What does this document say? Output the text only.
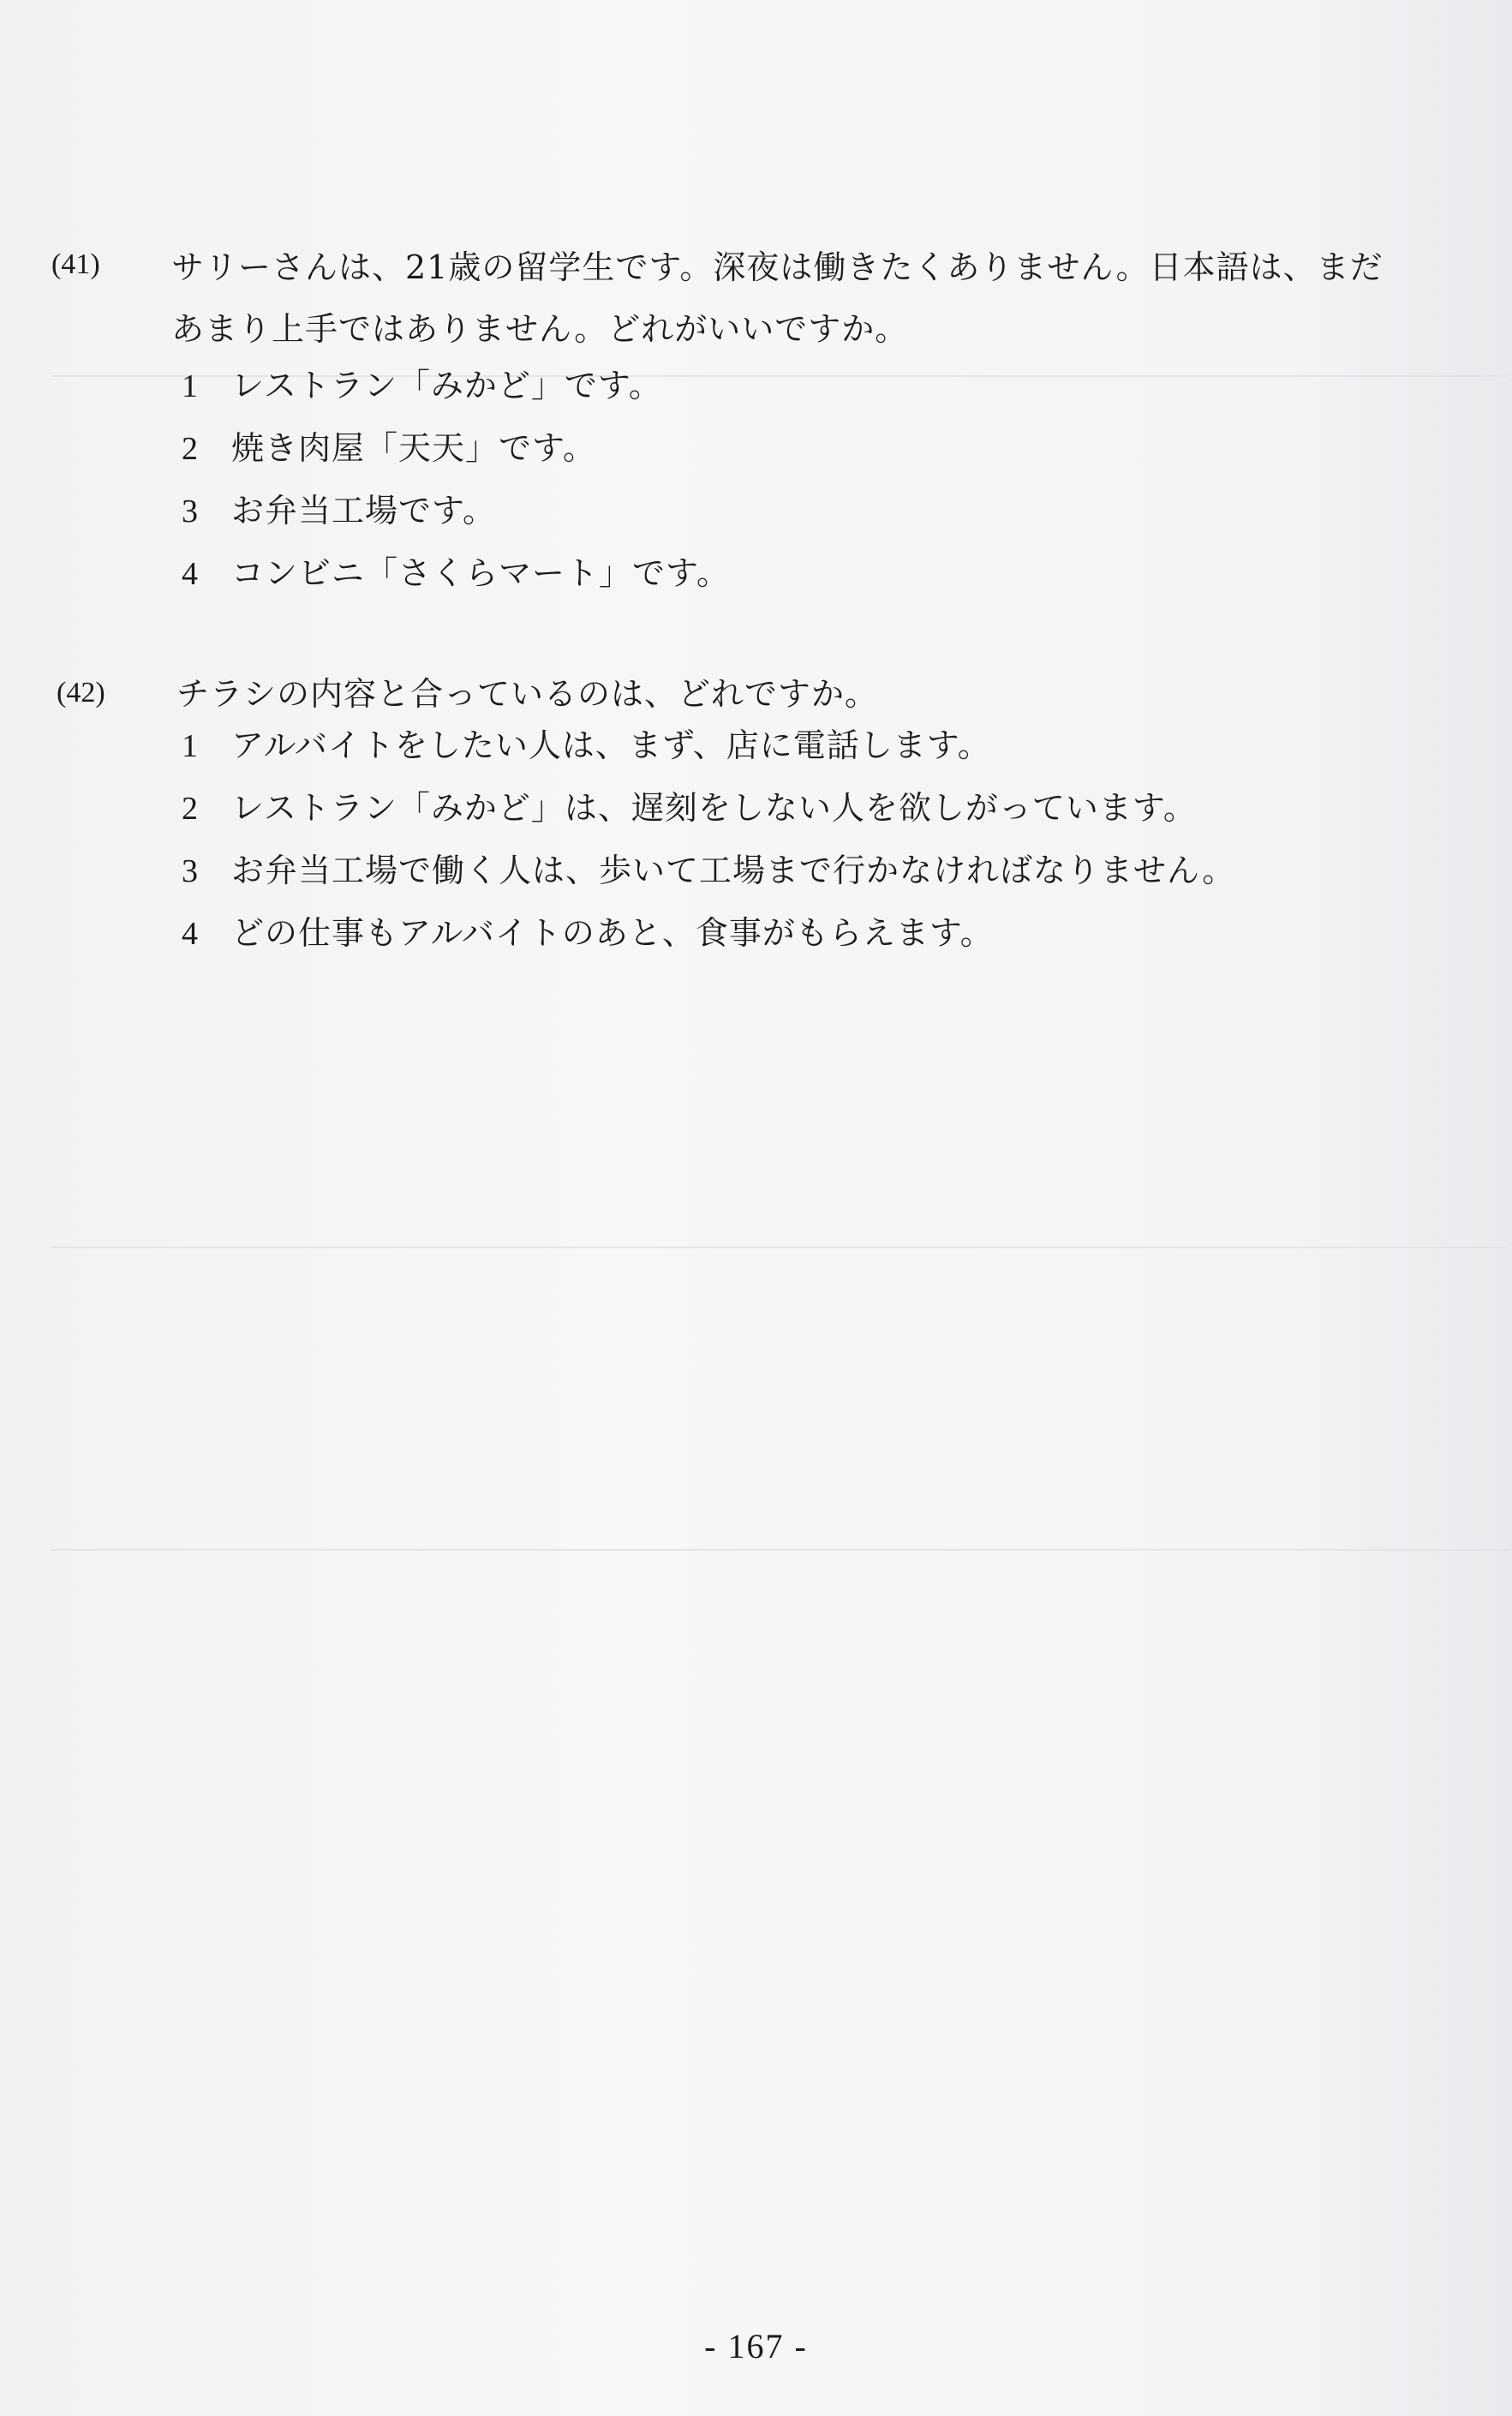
(41) サリーさんは、21歳の留学生です。深夜は働きたくありません。日本語は、まだ
あまり上手ではありません。どれがいいですか。
1 レストラン「みかど」です。
2 焼き肉屋「天天」です。
3 お弁当工場です。
4 コンビニ「さくらマート」です。
(42) チラシの内容と合っているのは、どれですか。
1 アルバイトをしたい人は、まず、店に電話します。
2 レストラン「みかど」は、遅刻をしない人を欲しがっています。
3 お弁当工場で働く人は、歩いて工場まで行かなければなりません。
4 どの仕事もアルバイトのあと、食事がもらえます。
- 167 -
